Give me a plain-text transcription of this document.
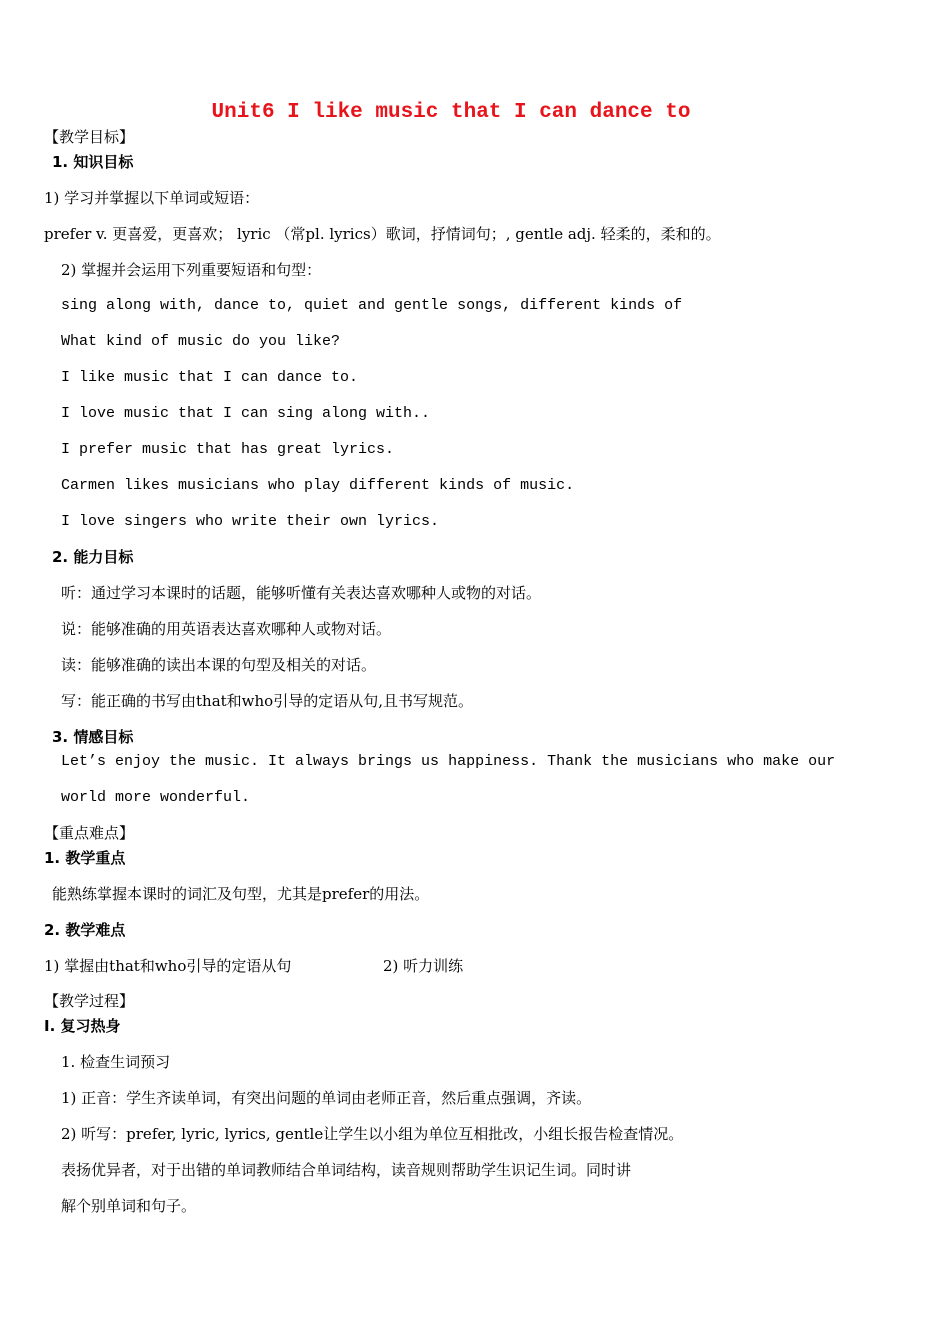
Unit6 I like music that I can dance to
【教学目标】
1. 知识目标
1) 学习并掌握以下单词或短语：
prefer v. 更喜爱，更喜欢； lyric （常pl. lyrics）歌词，抒情词句；, gentle adj. 轻柔的，柔和的。
2) 掌握并会运用下列重要短语和句型：
sing along with, dance to, quiet and gentle songs, different kinds of
What kind of music do you like?
I like music that I can dance to.
I love music that I can sing along with..
I prefer music that has great lyrics.
Carmen likes musicians who play different kinds of music.
I love singers who write their own lyrics.
2. 能力目标
听：通过学习本课时的话题，能够听懂有关表达喜欢哪种人或物的对话。
说：能够准确的用英语表达喜欢哪种人或物对话。
读：能够准确的读出本课的句型及相关的对话。
写：能正确的书写由that和who引导的定语从句,且书写规范。
3. 情感目标
Let’s enjoy the music. It always brings us happiness. Thank the musicians who make our
world more wonderful.
【重点难点】
1. 教学重点
能熟练掌握本课时的词汇及句型，尤其是prefer的用法。
2. 教学难点
1) 掌握由that和who引导的定语从句	2) 听力训练
【教学过程】
I. 复习热身
1. 检查生词预习
1) 正音：学生齐读单词，有突出问题的单词由老师正音，然后重点强调，齐读。
2) 听写：prefer, lyric, lyrics, gentle让学生以小组为单位互相批改，小组长报告检查情况。
表扬优异者，对于出错的单词教师结合单词结构，读音规则帮助学生识记生词。同时讲
解个别单词和句子。
